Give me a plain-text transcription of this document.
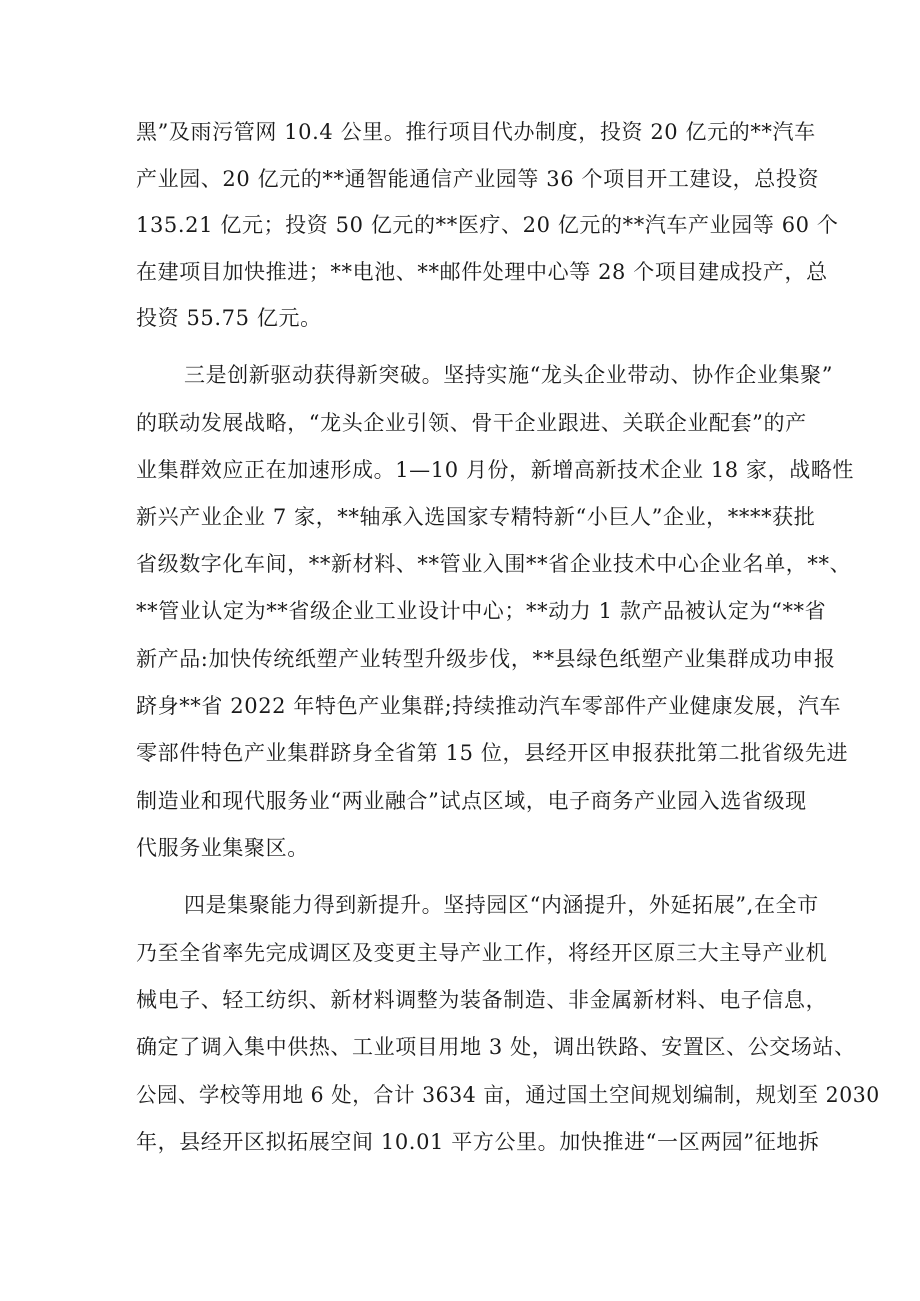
黑”及雨污管网 10.4 公里。推行项目代办制度，投资 20 亿元的**汽车
产业园、20 亿元的**通智能通信产业园等 36 个项目开工建设，总投资
135.21 亿元；投资 50 亿元的**医疗、20 亿元的**汽车产业园等 60 个
在建项目加快推进；**电池、**邮件处理中心等 28 个项目建成投产，总
投资 55.75 亿元。
三是创新驱动获得新突破。坚持实施“龙头企业带动、协作企业集聚”
的联动发展战略，“龙头企业引领、骨干企业跟进、关联企业配套”的产
业集群效应正在加速形成。1—10 月份，新增高新技术企业 18 家，战略性
新兴产业企业 7 家，**轴承入选国家专精特新“小巨人”企业，****获批
省级数字化车间，**新材料、**管业入围**省企业技术中心企业名单，**、
**管业认定为**省级企业工业设计中心；**动力 1 款产品被认定为“**省
新产品:加快传统纸塑产业转型升级步伐，**县绿色纸塑产业集群成功申报
跻身**省 2022 年特色产业集群;持续推动汽车零部件产业健康发展，汽车
零部件特色产业集群跻身全省第 15 位，县经开区申报获批第二批省级先进
制造业和现代服务业“两业融合”试点区域，电子商务产业园入选省级现
代服务业集聚区。
四是集聚能力得到新提升。坚持园区“内涵提升，外延拓展”,在全市
乃至全省率先完成调区及变更主导产业工作，将经开区原三大主导产业机
械电子、轻工纺织、新材料调整为装备制造、非金属新材料、电子信息，
确定了调入集中供热、工业项目用地 3 处，调出铁路、安置区、公交场站、
公园、学校等用地 6 处，合计 3634 亩，通过国土空间规划编制，规划至 2030
年，县经开区拟拓展空间 10.01 平方公里。加快推进“一区两园”征地拆
